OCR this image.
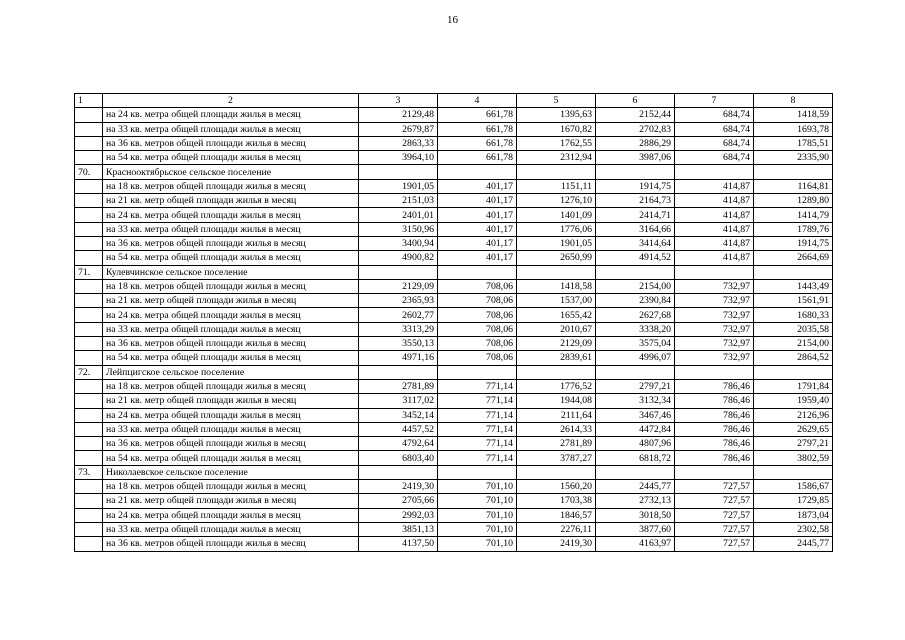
16
1	2	3	4	5	6	7	8
	на 24 кв. метра общей площади жилья в месяц	2129,48	661,78	1395,63	2152,44	684,74	1418,59
	на 33 кв. метра общей площади жилья в месяц	2679,87	661,78	1670,82	2702,83	684,74	1693,78
	на 36 кв. метров общей площади жилья в месяц	2863,33	661,78	1762,55	2886,29	684,74	1785,51
	на 54 кв. метра общей площади жилья в месяц	3964,10	661,78	2312,94	3987,06	684,74	2335,90
70.	Краснооктябрьское сельское поселение						
	на 18 кв. метров общей площади жилья в месяц	1901,05	401,17	1151,11	1914,75	414,87	1164,81
	на 21 кв. метр общей площади жилья в месяц	2151,03	401,17	1276,10	2164,73	414,87	1289,80
	на 24 кв. метра общей площади жилья в месяц	2401,01	401,17	1401,09	2414,71	414,87	1414,79
	на 33 кв. метра общей площади жилья в месяц	3150,96	401,17	1776,06	3164,66	414,87	1789,76
	на 36 кв. метров общей площади жилья в месяц	3400,94	401,17	1901,05	3414,64	414,87	1914,75
	на 54 кв. метра общей площади жилья в месяц	4900,82	401,17	2650,99	4914,52	414,87	2664,69
71.	Кулевчинское сельское поселение						
	на 18 кв. метров общей площади жилья в месяц	2129,09	708,06	1418,58	2154,00	732,97	1443,49
	на 21 кв. метр общей площади жилья в месяц	2365,93	708,06	1537,00	2390,84	732,97	1561,91
	на 24 кв. метра общей площади жилья в месяц	2602,77	708,06	1655,42	2627,68	732,97	1680,33
	на 33 кв. метра общей площади жилья в месяц	3313,29	708,06	2010,67	3338,20	732,97	2035,58
	на 36 кв. метров общей площади жилья в месяц	3550,13	708,06	2129,09	3575,04	732,97	2154,00
	на 54 кв. метра общей площади жилья в месяц	4971,16	708,06	2839,61	4996,07	732,97	2864,52
72.	Лейпцигское сельское поселение						
	на 18 кв. метров общей площади жилья в месяц	2781,89	771,14	1776,52	2797,21	786,46	1791,84
	на 21 кв. метр общей площади жилья в месяц	3117,02	771,14	1944,08	3132,34	786,46	1959,40
	на 24 кв. метра общей площади жилья в месяц	3452,14	771,14	2111,64	3467,46	786,46	2126,96
	на 33 кв. метра общей площади жилья в месяц	4457,52	771,14	2614,33	4472,84	786,46	2629,65
	на 36 кв. метров общей площади жилья в месяц	4792,64	771,14	2781,89	4807,96	786,46	2797,21
	на 54 кв. метра общей площади жилья в месяц	6803,40	771,14	3787,27	6818,72	786,46	3802,59
73.	Николаевское сельское поселение						
	на 18 кв. метров общей площади жилья в месяц	2419,30	701,10	1560,20	2445,77	727,57	1586,67
	на 21 кв. метр общей площади жилья в месяц	2705,66	701,10	1703,38	2732,13	727,57	1729,85
	на 24 кв. метра общей площади жилья в месяц	2992,03	701,10	1846,57	3018,50	727,57	1873,04
	на 33 кв. метра общей площади жилья в месяц	3851,13	701,10	2276,11	3877,60	727,57	2302,58
	на 36 кв. метров общей площади жилья в месяц	4137,50	701,10	2419,30	4163,97	727,57	2445,77
